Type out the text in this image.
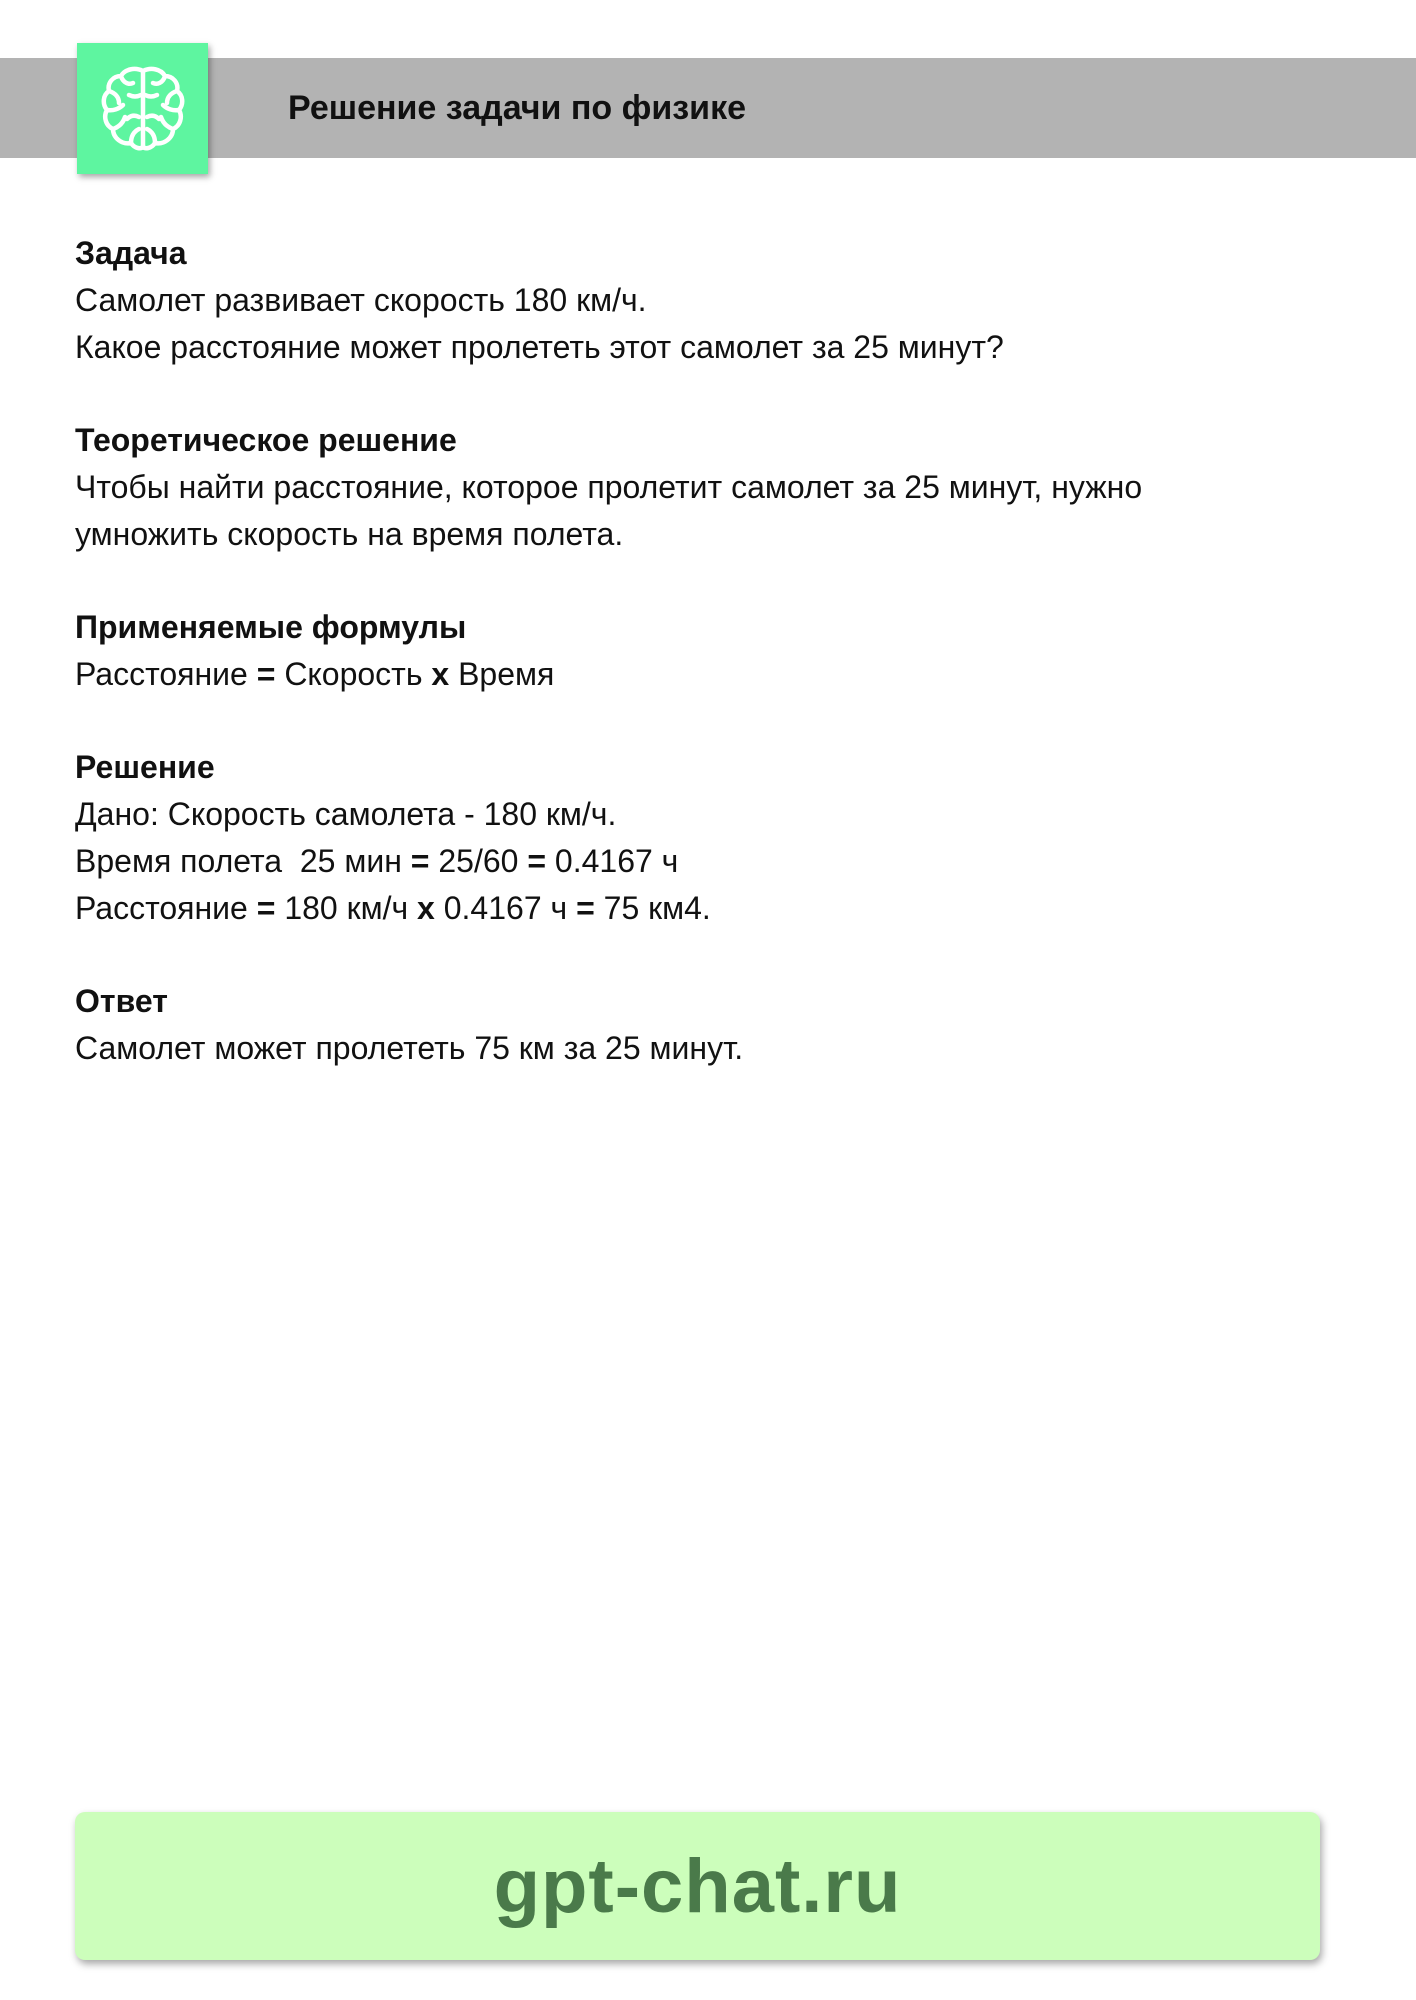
Решение задачи по физике

Задача

Самолет развивает скорость 180 км/ч.

Какое расстояние может пролететь этот самолет за 25 минут?

Теоретическое решение

Чтобы найти расстояние, которое пролетит самолет за 25 минут, нужно

умножить скорость на время полета.

Применяемые формулы

Расстояние = Скорость x Время

Решение

Дано: Скорость самолета - 180 км/ч.

Время полета  25 мин = 25/60 = 0.4167 ч

Расстояние = 180 км/ч x 0.4167 ч = 75 км4.

Ответ

Самолет может пролететь 75 км за 25 минут.

gpt-chat.ru
